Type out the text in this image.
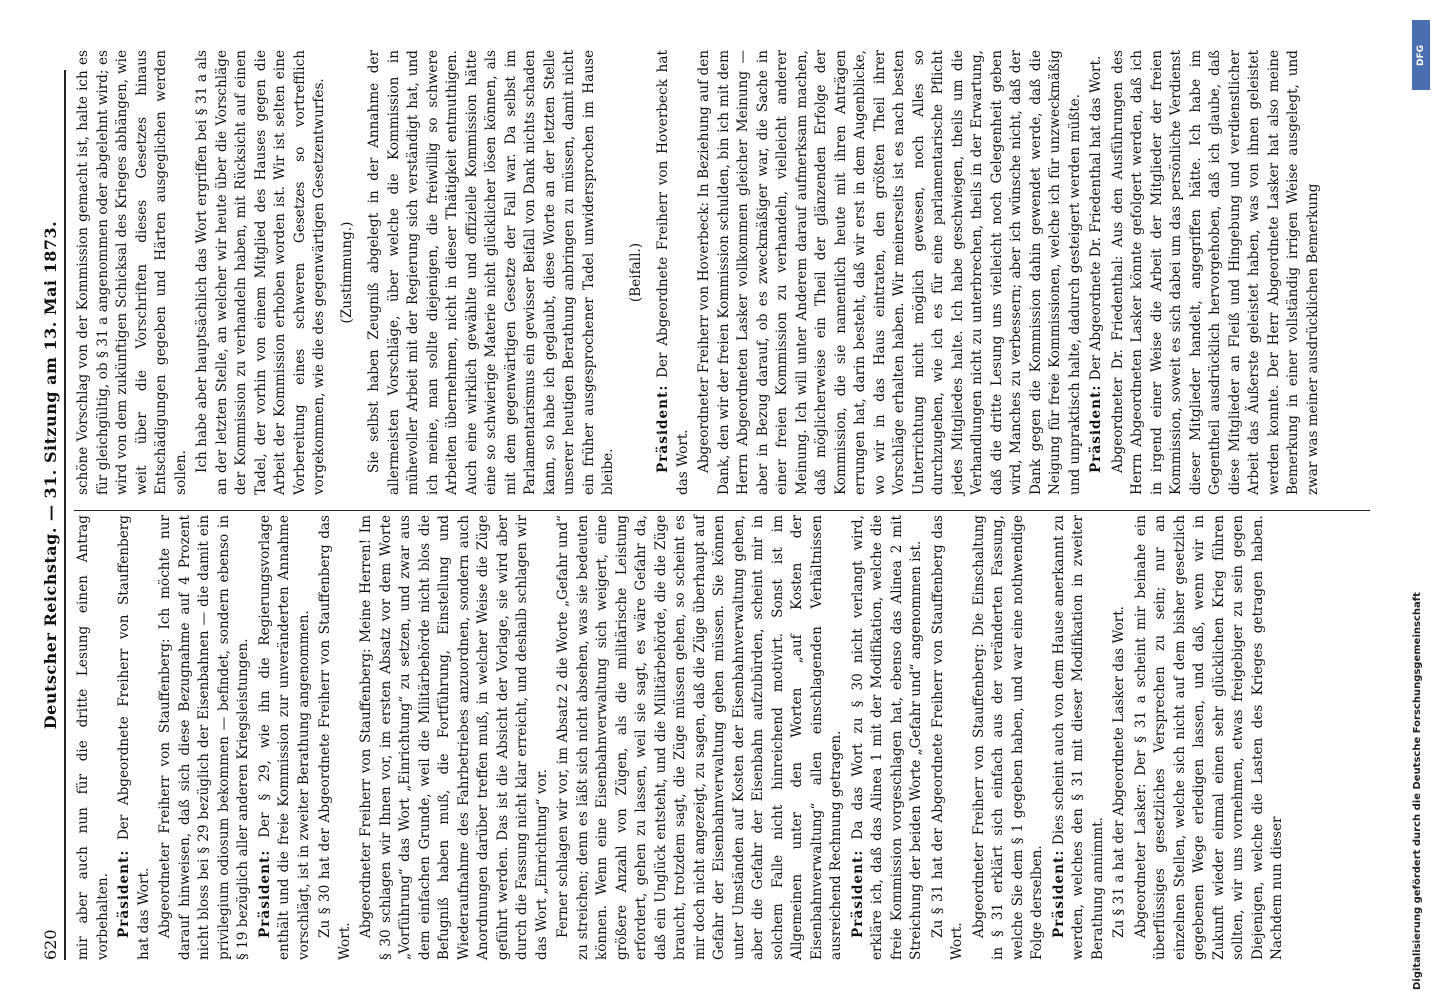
620
Deutscher Reichstag. — 31. Sitzung am 13. Mai 1873.

mir aber auch nun für die dritte Lesung einen Antrag vorbehalten. Präsident: Der Abgeordnete Freiherr von Stauffenberg hat das Wort. Abgeordneter Freiherr von Stauffenberg: Ich möchte nur darauf hinweisen, daß sich diese Bezugnahme auf 4 Prozent nicht bloss bei § 29 bezüglich der Eisenbahnen — die damit ein privilegium odiosum bekommen — befindet, sondern ebenso in § 19 bezüglich aller anderen Kriegsleistungen. Präsident: Der § 29, wie ihn die Regierungsvorlage enthält und die freie Kommission zur unveränderten Annahme vorschlägt, ist in zweiter Berathung angenommen. Zu § 30 hat der Abgeordnete Freiherr von Stauffenberg das Wort.

Abgeordneter Freiherr von Stauffenberg: Meine Herren! Im § 30 schlagen wir Ihnen vor, im ersten Absatz vor dem Worte „Vorführung“ das Wort „Einrichtung“ zu setzen, und zwar aus dem einfachen Grunde, weil die Militärbehörde nicht blos die Befugniß haben muß, die Fortführung, Einstellung und Wiederaufnahme des Fahrbetriebes anzuordnen, sondern auch Anordnungen darüber treffen muß, in welcher Weise die Züge geführt werden. Das ist die Absicht der Vorlage, sie wird aber durch die Fassung nicht klar erreicht, und deshalb schlagen wir das Wort „Einrichtung“ vor. Ferner schlagen wir vor, im Absatz 2 die Worte „Gefahr und“ zu streichen; denn es läßt sich nicht absehen, was sie bedeuten können. Wenn eine Eisenbahnverwaltung sich weigert, eine größere Anzahl von Zügen, als die militärische Leistung erfordert, gehen zu lassen, weil sie sagt, es wäre Gefahr da, daß ein Unglück entsteht, und die Militärbehörde, die die Züge braucht, trotzdem sagt, die Züge müssen gehen, so scheint es mir doch nicht angezeigt, zu sagen, daß die Züge überhaupt auf Gefahr der Eisenbahnverwaltung gehen müssen. Sie können unter Umständen auf Kosten der Eisenbahnverwaltung gehen, aber die Gefahr der Eisenbahn aufzubürden, scheint mir in solchem Falle nicht hinreichend motivirt. Sonst ist im Allgemeinen unter den Worten „auf Kosten der Eisenbahnverwaltung“ allen einschlagenden Verhältnissen ausreichend Rechnung getragen. Präsident: Da das Wort zu § 30 nicht verlangt wird, erkläre ich, daß das Alinea 1 mit der Modifikation, welche die freie Kommission vorgeschlagen hat, ebenso das Alinea 2 mit Streichung der beiden Worte „Gefahr und“ angenommen ist. Zu § 31 hat der Abgeordnete Freiherr von Stauffenberg das Wort.

Abgeordneter Freiherr von Stauffenberg: Die Einschaltung in § 31 erklärt sich einfach aus der veränderten Fassung, welche Sie dem § 1 gegeben haben, und war eine nothwendige Folge derselben. Präsident: Dies scheint auch von dem Hause anerkannt zu werden, welches den § 31 mit dieser Modifikation in zweiter Berathung annimmt. Zu § 31 a hat der Abgeordnete Lasker das Wort. Abgeordneter Lasker: Der § 31 a scheint mir beinahe ein überflüssiges gesetzliches Versprechen zu sein; nur an einzelnen Stellen, welche sich nicht auf dem bisher gesetzlich gegebenen Wege erledigen lassen, und daß, wenn wir in Zukunft wieder einmal einen sehr glücklichen Krieg führen sollten, wir uns vornehmen, etwas freigebiger zu sein gegen Diejenigen, welche die Lasten des Krieges getragen haben. Nachdem nun dieser

schöne Vorschlag von der Kommission gemacht ist, halte ich es für gleichgültig, ob § 31 a angenommen oder abgelehnt wird; es wird von dem zukünftigen Schicksal des Krieges abhängen, wie weit über die Vorschriften dieses Gesetzes hinaus Entschädigungen gegeben und Härten ausgeglichen werden sollen. Ich habe aber hauptsächlich das Wort ergriffen bei § 31 a als an der letzten Stelle, an welcher wir heute über die Vorschläge der Kommission zu verhandeln haben, mit Rücksicht auf einen Tadel, der vorhin von einem Mitglied des Hauses gegen die Arbeit der Kommission erhoben worden ist. Wir ist selten eine Vorbereitung eines schweren Gesetzes so vortrefflich vorgekommen, wie die des gegenwärtigen Gesetzentwurfes. (Zustimmung.) Sie selbst haben Zeugniß abgelegt in der Annahme der allermeisten Vorschläge, über welche die Kommission in mühevoller Arbeit mit der Regierung sich verständigt hat, und ich meine, man sollte diejenigen, die freiwillig so schwere Arbeiten übernehmen, nicht in dieser Thätigkeit entmuthigen. Auch eine wirklich gewählte und offizielle Kommission hätte eine so schwierige Materie nicht glücklicher lösen können, als mit dem gegenwärtigen Gesetze der Fall war. Da selbst im Parlamentarismus ein gewisser Beifall von Dank nichts schaden kann, so habe ich geglaubt, diese Worte an der letzten Stelle unserer heutigen Berathung anbringen zu müssen, damit nicht ein früher ausgesprochener Tadel unwidersprochen im Hause bleibe.

(Beifall.)

Präsident: Der Abgeordnete Freiherr von Hoverbeck hat das Wort. Abgeordneter Freiherr von Hoverbeck: In Beziehung auf den Dank, den wir der freien Kommission schulden, bin ich mit dem Herrn Abgeordneten Lasker vollkommen gleicher Meinung — aber in Bezug darauf, ob es zweckmäßiger war, die Sache in einer freien Kommission zu verhandeln, vielleicht anderer Meinung. Ich will unter Anderem darauf aufmerksam machen, daß möglicherweise ein Theil der glänzenden Erfolge der Kommission, die sie namentlich heute mit ihren Anträgen errungen hat, darin besteht, daß wir erst in dem Augenblicke, wo wir in das Haus eintraten, den größten Theil ihrer Vorschläge erhalten haben. Wir meinerseits ist es nach besten Unterrichtung nicht möglich gewesen, noch Alles so durchzugehen, wie ich es für eine parlamentarische Pflicht jedes Mitgliedes halte. Ich habe geschwiegen, theils um die Verhandlungen nicht zu unterbrechen, theils in der Erwartung, daß die dritte Lesung uns vielleicht noch Gelegenheit geben wird, Manches zu verbessern; aber ich wünsche nicht, daß der Dank gegen die Kommission dahin gewendet werde, daß die Neigung für freie Kommissionen, welche ich für unzweckmäßig und unpraktisch halte, dadurch gesteigert werden müßte. Präsident: Der Abgeordnete Dr. Friedenthal hat das Wort. Abgeordneter Dr. Friedenthal: Aus den Ausführungen des Herrn Abgeordneten Lasker könnte gefolgert werden, daß ich in irgend einer Weise die Arbeit der Mitglieder der freien Kommission, soweit es sich dabei um das persönliche Verdienst dieser Mitglieder handelt, angegriffen hätte. Ich habe im Gegentheil ausdrücklich hervorgehoben, daß ich glaube, daß diese Mitglieder an Fleiß und Hingebung und verdienstlicher Arbeit das Äußerste geleistet haben, was von ihnen geleistet werden konnte. Der Herr Abgeordnete Lasker hat also meine Bemerkung in einer vollständig irrigen Weise ausgelegt, und zwar was meiner ausdrücklichen Bemerkung

DFG
Digitalisierung gefördert durch die Deutsche Forschungsgemeinschaft
